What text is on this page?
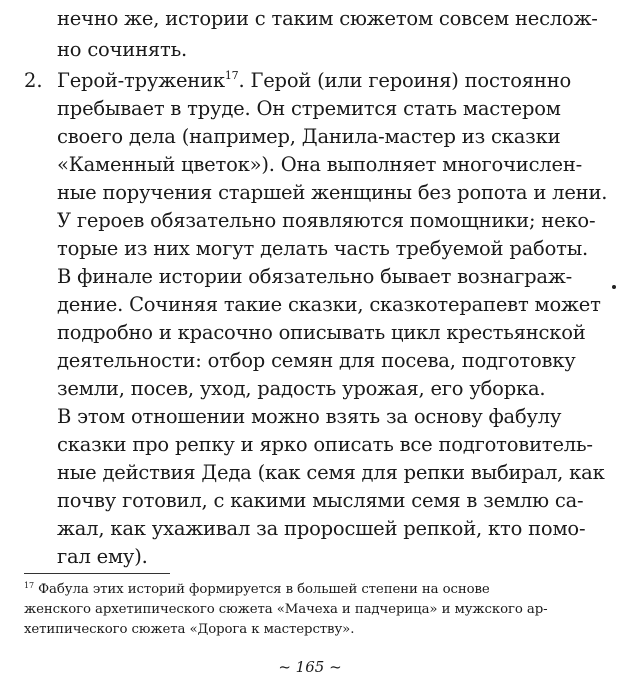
нечно же, истории с таким сюжетом совсем неслож-
но сочинять.
2. Герой-труженик$^{17}$. Герой (или героиня) постоянно
пребывает в труде. Он стремится стать мастером
своего дела (например, Данила-мастер из сказки
«Каменный цветок»). Она выполняет многочислен-
ные поручения старшей женщины без ропота и лени.
У героев обязательно появляются помощники; неко-
торые из них могут делать часть требуемой работы.
В финале истории обязательно бывает вознаграж-
дение. Сочиняя такие сказки, сказкотерапевт может
подробно и красочно описывать цикл крестьянской
деятельности: отбор семян для посева, подготовку
земли, посев, уход, радость урожая, его уборка.
В этом отношении можно взять за основу фабулу
сказки про репку и ярко описать все подготовитель-
ные действия Деда (как семя для репки выбирал, как
почву готовил, с какими мыслями семя в землю са-
жал, как ухаживал за проросшей репкой, кто помо-
гал ему).
$^{17}$ Фабула этих историй формируется в большей степени на основе
женского архетипического сюжета «Мачеха и падчерица» и мужского ар-
хетипического сюжета «Дорога к мастерству».
~ 165 ~
